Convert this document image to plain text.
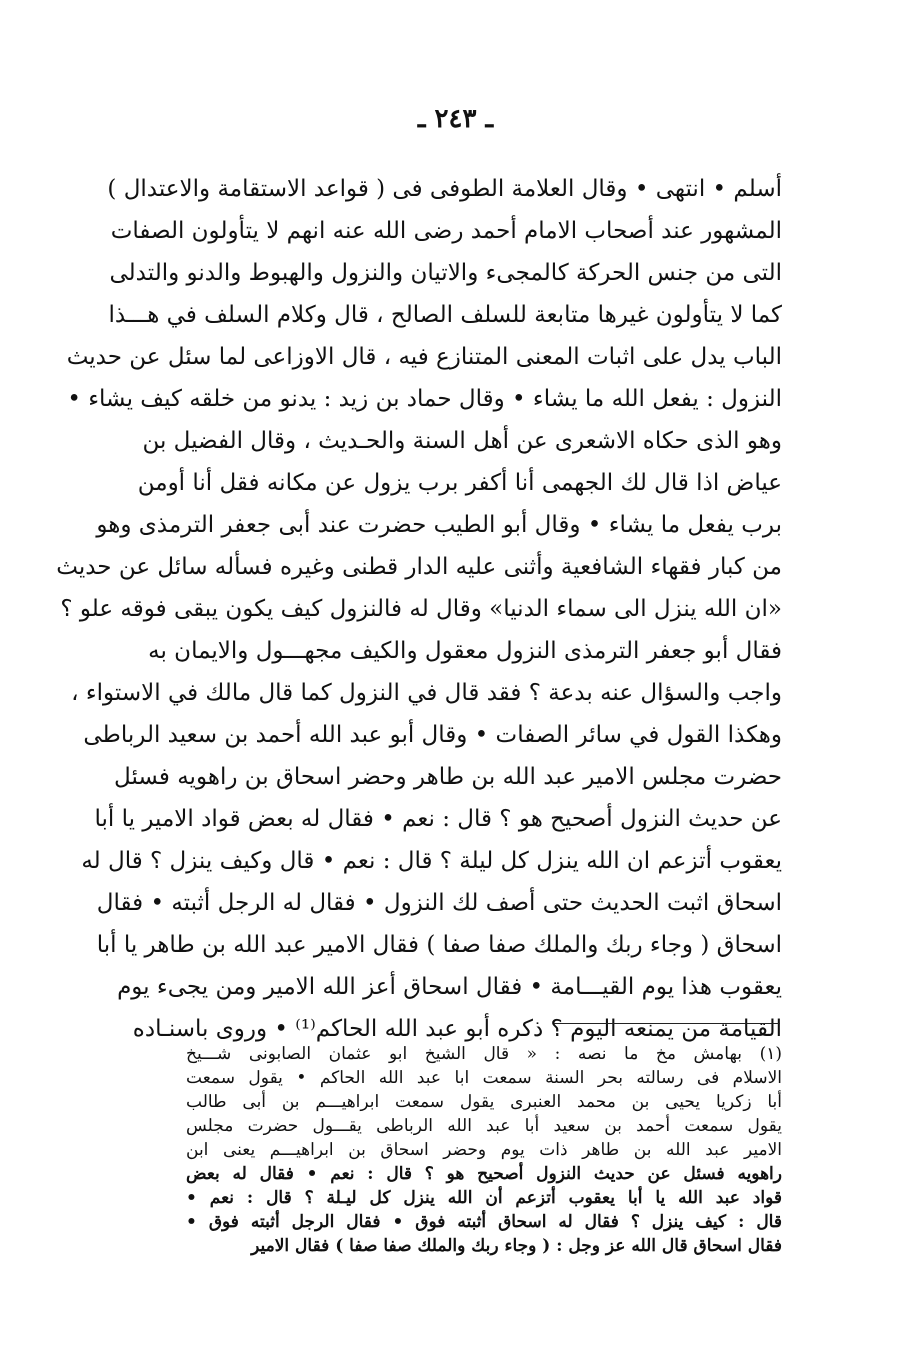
ـ ٢٤٣ ـ
أسلم • انتهى • وقال العلامة الطوفى فى ( قواعد الاستقامة والاعتدال )
المشهور عند أصحاب الامام أحمد رضى الله عنه انهم لا يتأولون الصفات
التى من جنس الحركة كالمجىء والاتيان والنزول والهبوط والدنو والتدلى
كما لا يتأولون غيرها متابعة للسلف الصالح ، قال وكلام السلف في هـــذا
الباب يدل على اثبات المعنى المتنازع فيه ، قال الاوزاعى لما سئل عن حديث
النزول : يفعل الله ما يشاء • وقال حماد بن زيد : يدنو من خلقه كيف يشاء •
وهو الذى حكاه الاشعرى عن أهل السنة والحـديث ، وقال الفضيل بن
عياض اذا قال لك الجهمى أنا أكفر برب يزول عن مكانه فقل أنا أومن
برب يفعل ما يشاء • وقال أبو الطيب حضرت عند أبى جعفر الترمذى وهو
من كبار فقهاء الشافعية وأثنى عليه الدار قطنى وغيره فسأله سائل عن حديث
«ان الله ينزل الى سماء الدنيا» وقال له فالنزول كيف يكون يبقى فوقه علو ؟
فقال أبو جعفر الترمذى النزول معقول والكيف مجهـــول والايمان به
واجب والسؤال عنه بدعة ؟ فقد قال في النزول كما قال مالك في الاستواء ،
وهكذا القول في سائر الصفات • وقال أبو عبد الله أحمد بن سعيد الرباطى
حضرت مجلس الامير عبد الله بن طاهر وحضر اسحاق بن راهويه فسئل
عن حديث النزول أصحيح هو ؟ قال : نعم • فقال له بعض قواد الامير يا أبا
يعقوب أتزعم ان الله ينزل كل ليلة ؟ قال : نعم • قال وكيف ينزل ؟ قال له
اسحاق اثبت الحديث حتى أصف لك النزول • فقال له الرجل أثبته • فقال
اسحاق ( وجاء ربك والملك صفا صفا ) فقال الامير عبد الله بن طاهر يا أبا
يعقوب هذا يوم القيـــامة • فقال اسحاق أعز الله الامير ومن يجىء يوم
القيامة من يمنعه اليوم ؟ ذكره أبو عبد الله الحاكم⁽¹⁾ • وروى باسنـاده
(١) بهامش مخ ما نصه : « قال الشيخ ابو عثمان الصابونى شـــيخ
الاسلام فى رسالته بحر السنة سمعت ابا عبد الله الحاكم • يقول سمعت
أبا زكريا يحيى بن محمد العنبرى يقول سمعت ابراهيـــم بن أبى طالب
يقول سمعت أحمد بن سعيد أبا عبد الله الرباطى يقـــول حضرت مجلس
الامير عبد الله بن طاهر ذات يوم وحضر اسحاق بن ابراهيـــم يعنى ابن
راهويه فسئل عن حديث النزول أصحيح هو ؟ قال : نعم • فقال له بعض
قواد عبد الله يا أبا يعقوب أتزعم أن الله ينزل كل ليـلة ؟ قال : نعم •
قال : كيف ينزل ؟ فقال له اسحاق أثبته فوق • فقال الرجل أثبته فوق •
فقال اسحاق قال الله عز وجل : ( وجاء ربك والملك صفا صفا ) فقال الامير
